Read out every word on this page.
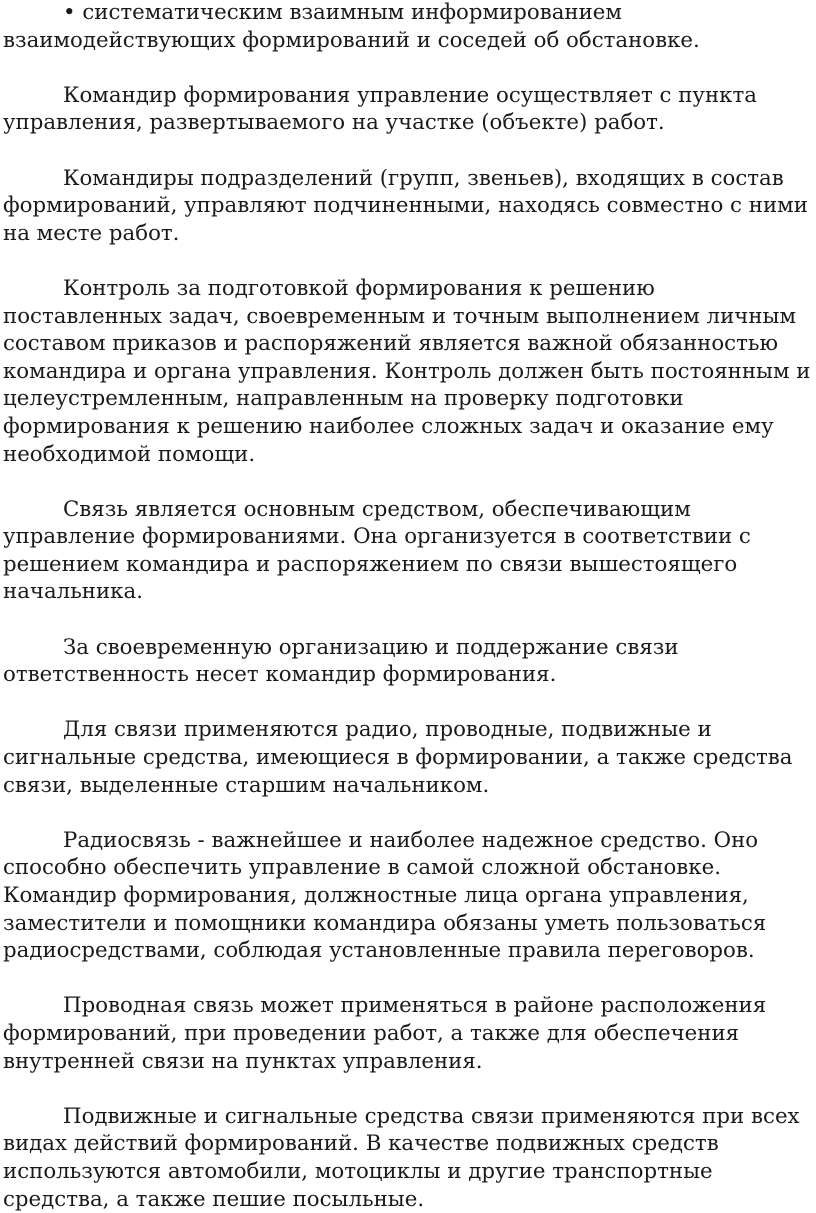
• систематическим взаимным информированием взаимодействующих формирований и соседей об обстановке.

Командир формирования управление осуществляет с пункта управления, развертываемого на участке (объекте) работ.

Командиры подразделений (групп, звеньев), входящих в состав формирований, управляют подчиненными, находясь совместно с ними на месте работ.

Контроль за подготовкой формирования к решению поставленных задач, своевременным и точным выполнением личным составом приказов и распоряжений является важной обязанностью командира и органа управления. Контроль должен быть постоянным и целеустремленным, направленным на проверку подготовки формирования к решению наиболее сложных задач и оказание ему необходимой помощи.

Связь является основным средством, обеспечивающим управление формированиями. Она организуется в соответствии с решением командира и распоряжением по связи вышестоящего начальника.

За своевременную организацию и поддержание связи ответственность несет командир формирования.

Для связи применяются радио, проводные, подвижные и сигнальные средства, имеющиеся в формировании, а также средства связи, выделенные старшим начальником.

Радиосвязь - важнейшее и наиболее надежное средство. Оно способно обеспечить управление в самой сложной обстановке. Командир формирования, должностные лица органа управления, заместители и помощники командира обязаны уметь пользоваться радиосредствами, соблюдая установленные правила переговоров.

Проводная связь может применяться в районе расположения формирований, при проведении работ, а также для обеспечения внутренней связи на пунктах управления.

Подвижные и сигнальные средства связи применяются при всех видах действий формирований. В качестве подвижных средств используются автомобили, мотоциклы и другие транспортные средства, а также пешие посыльные.
